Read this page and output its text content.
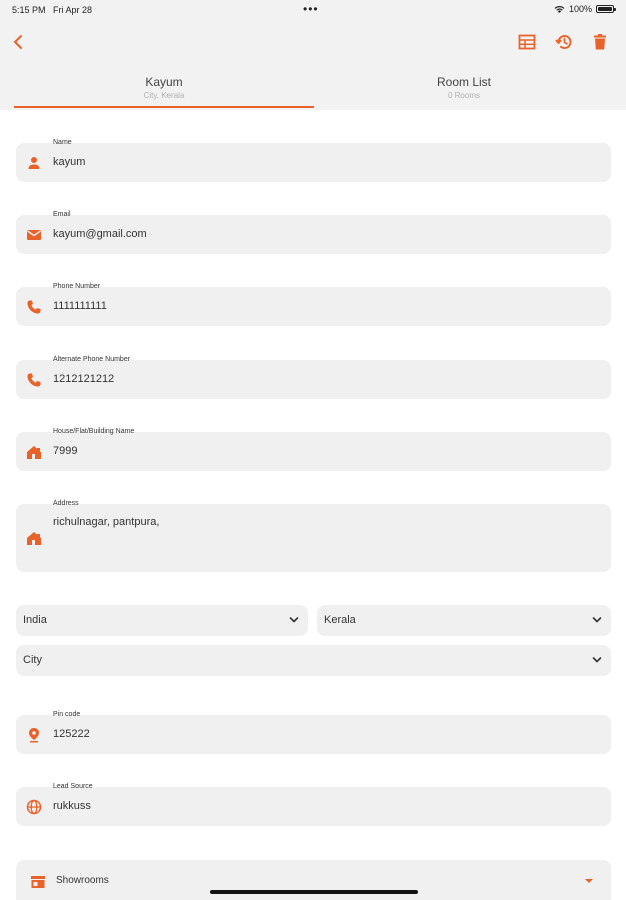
5:15 PM Fri Apr 28	•••	100%
Kayum
City, Kerala
Room List
0 Rooms
Name
kayum
Email
kayum@gmail.com
Phone Number
1111111111
Alternate Phone Number
1212121212
House/Flat/Building Name
7999
Address
richulnagar, pantpura,
India	Kerala
City
Pin code
125222
Lead Source
rukkuss
Showrooms
